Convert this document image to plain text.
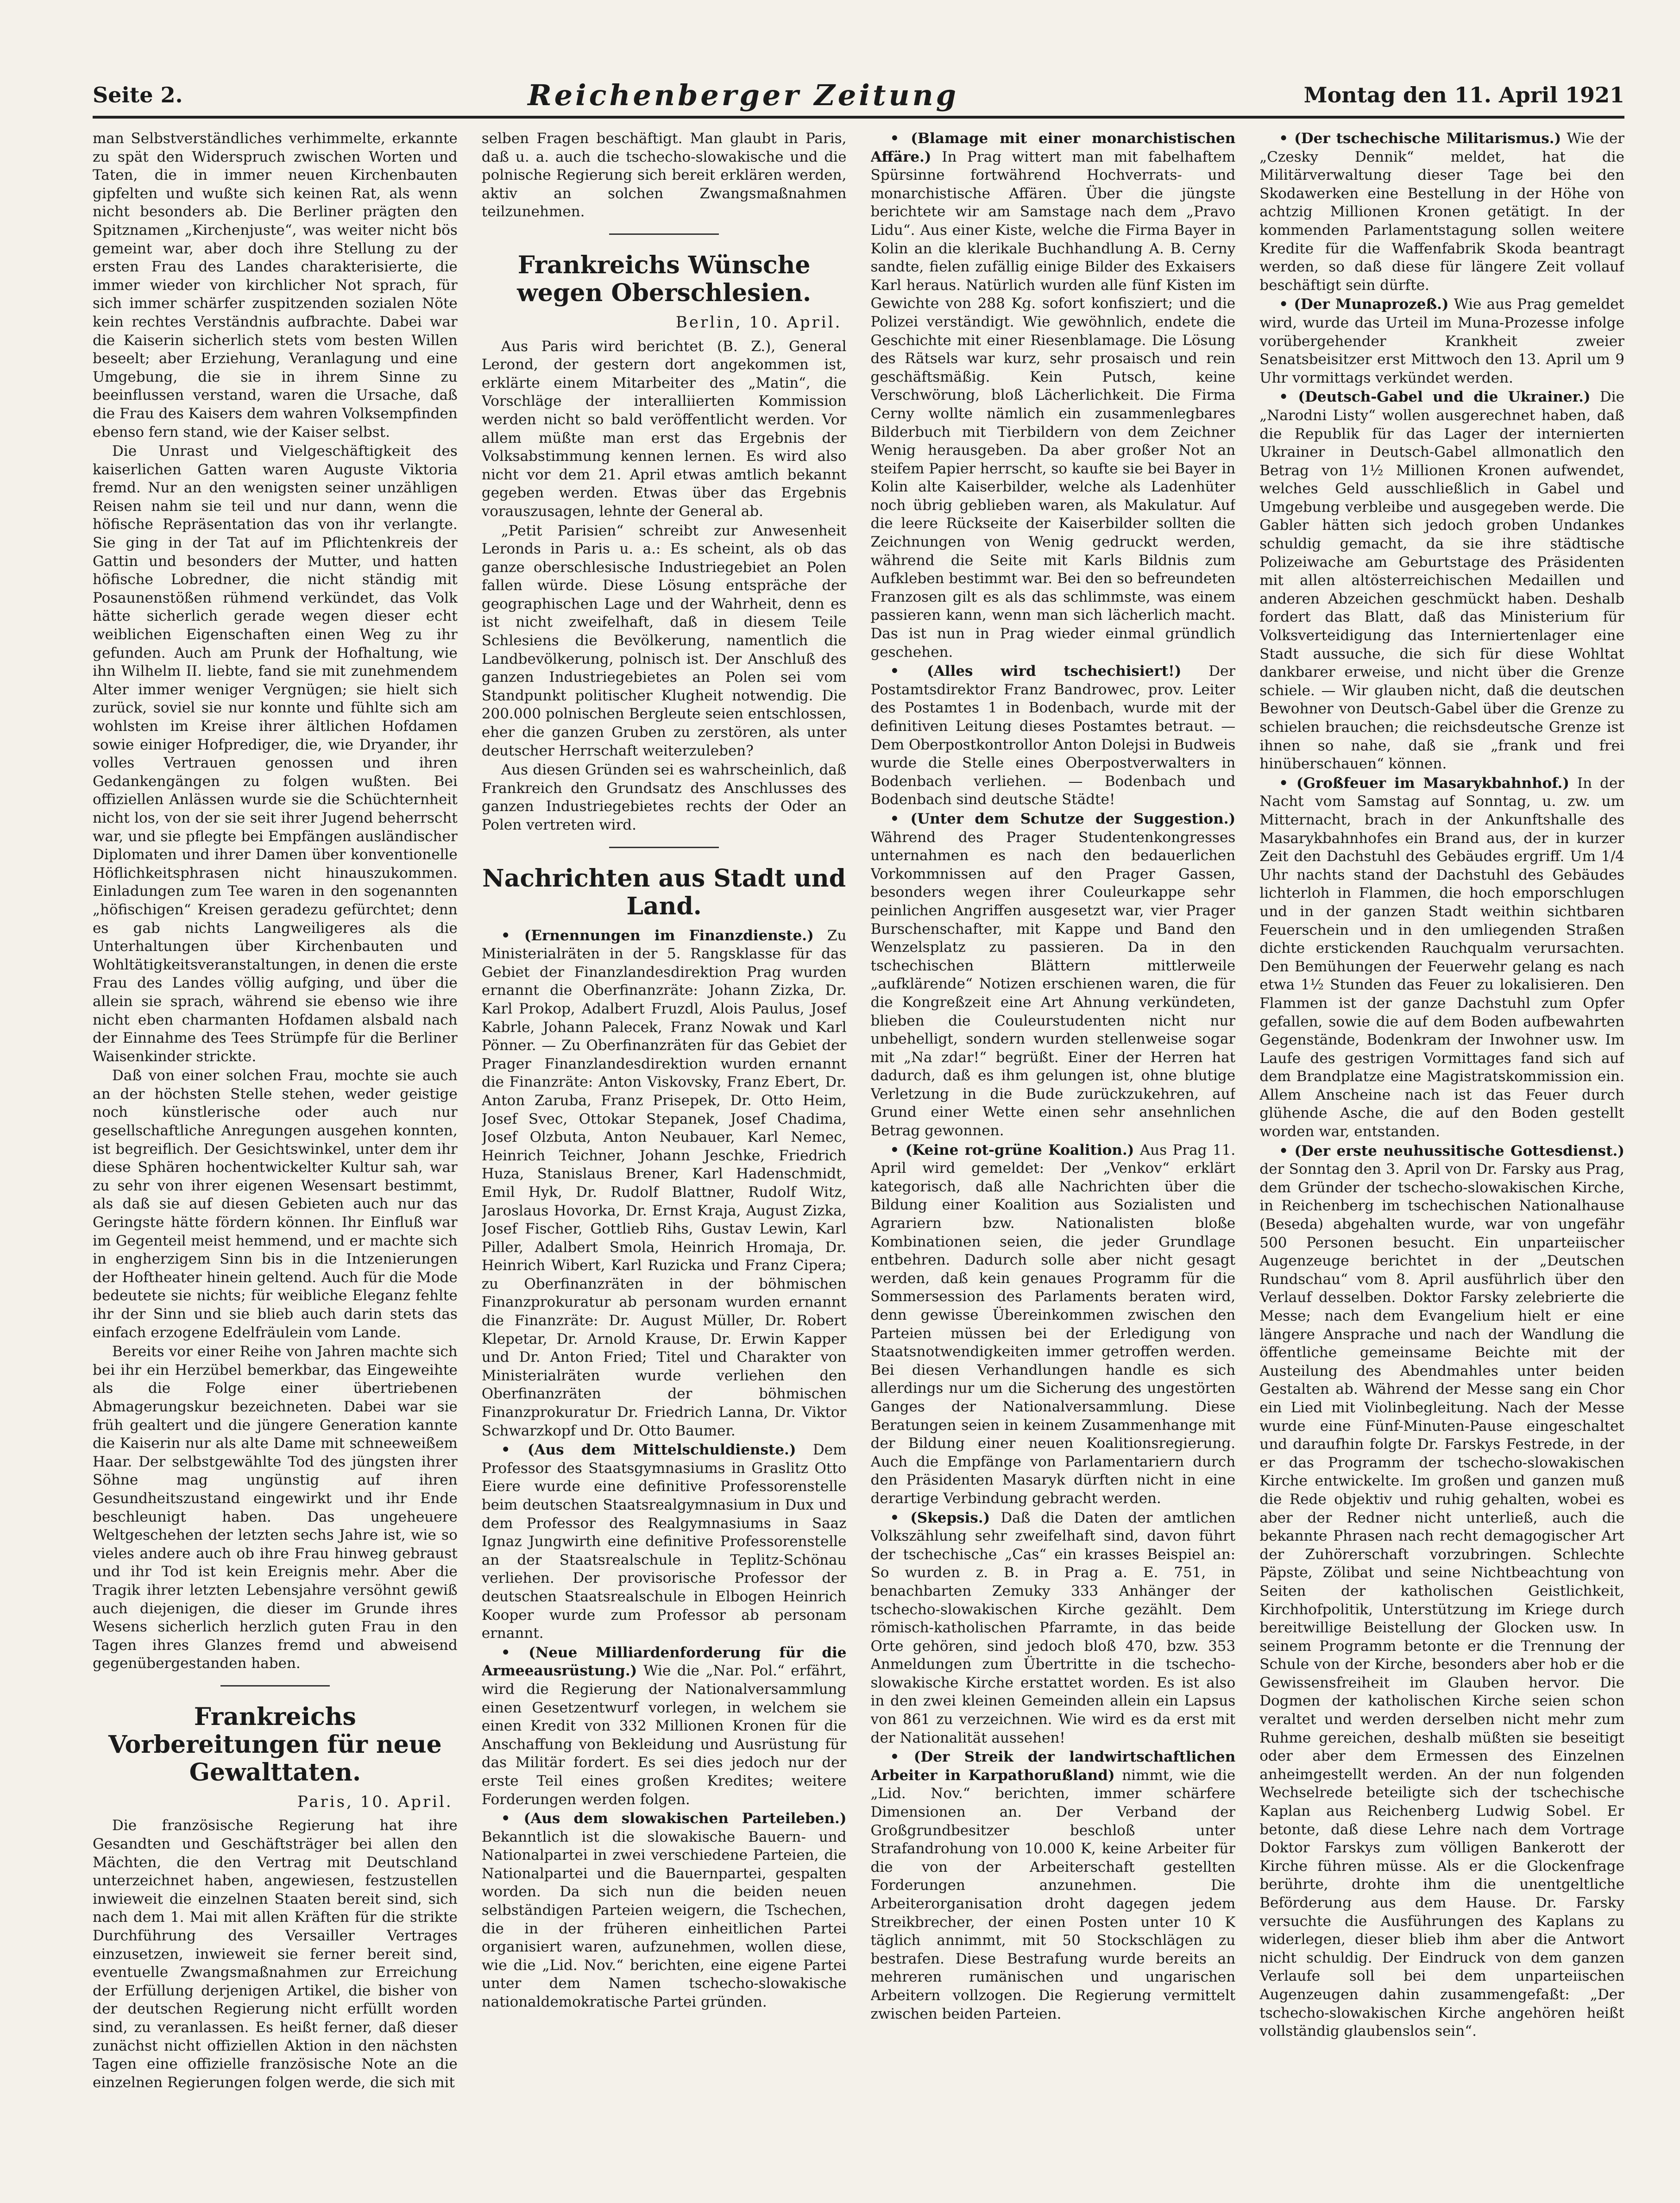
Seite 2.	Reichenberger Zeitung	Montag den 11. April 1921

man Selbstverständliches verhimmelte, erkannte zu spät den Widerspruch zwischen Worten und Taten, die in immer neuen Kirchenbauten gipfelten und wußte sich keinen Rat, als wenn nicht besonders ab. Die Berliner prägten den Spitznamen „Kirchenjuste“, was weiter nicht bös gemeint war, aber doch ihre Stellung zu der ersten Frau des Landes charakterisierte, die immer wieder von kirchlicher Not sprach, für sich immer schärfer zuspitzenden sozialen Nöte kein rechtes Verständnis aufbrachte. Dabei war die Kaiserin sicherlich stets vom besten Willen beseelt; aber Erziehung, Veranlagung und eine Umgebung, die sie in ihrem Sinne zu beeinflussen verstand, waren die Ursache, daß die Frau des Kaisers dem wahren Volksempfinden ebenso fern stand, wie der Kaiser selbst.

Die Unrast und Vielgeschäftigkeit des kaiserlichen Gatten waren Auguste Viktoria fremd. Nur an den wenigsten seiner unzähligen Reisen nahm sie teil und nur dann, wenn die höfische Repräsentation das von ihr verlangte. Sie ging in der Tat auf im Pflichtenkreis der Gattin und besonders der Mutter, und hatten höfische Lobredner, die nicht ständig mit Posaunenstößen rühmend verkündet, das Volk hätte sicherlich gerade wegen dieser echt weiblichen Eigenschaften einen Weg zu ihr gefunden. Auch am Prunk der Hofhaltung, wie ihn Wilhelm II. liebte, fand sie mit zunehmendem Alter immer weniger Vergnügen; sie hielt sich zurück, soviel sie nur konnte und fühlte sich am wohlsten im Kreise ihrer ältlichen Hofdamen sowie einiger Hofprediger, die, wie Dryander, ihr volles Vertrauen genossen und ihren Gedankengängen zu folgen wußten. Bei offiziellen Anlässen wurde sie die Schüchternheit nicht los, von der sie seit ihrer Jugend beherrscht war, und sie pflegte bei Empfängen ausländischer Diplomaten und ihrer Damen über konventionelle Höflichkeitsphrasen nicht hinauszukommen. Einladungen zum Tee waren in den sogenannten „höfischigen“ Kreisen geradezu gefürchtet; denn es gab nichts Langweiligeres als die Unterhaltungen über Kirchenbauten und Wohltätigkeitsveranstaltungen, in denen die erste Frau des Landes völlig aufging, und über die allein sie sprach, während sie ebenso wie ihre nicht eben charmanten Hofdamen alsbald nach der Einnahme des Tees Strümpfe für die Berliner Waisenkinder strickte.

Daß von einer solchen Frau, mochte sie auch an der höchsten Stelle stehen, weder geistige noch künstlerische oder auch nur gesellschaftliche Anregungen ausgehen konnten, ist begreiflich. Der Gesichtswinkel, unter dem ihr diese Sphären hochentwickelter Kultur sah, war zu sehr von ihrer eigenen Wesensart bestimmt, als daß sie auf diesen Gebieten auch nur das Geringste hätte fördern können. Ihr Einfluß war im Gegenteil meist hemmend, und er machte sich in engherzigem Sinn bis in die Intzenierungen der Hoftheater hinein geltend. Auch für die Mode bedeutete sie nichts; für weibliche Eleganz fehlte ihr der Sinn und sie blieb auch darin stets das einfach erzogene Edelfräulein vom Lande.

Bereits vor einer Reihe von Jahren machte sich bei ihr ein Herzübel bemerkbar, das Eingeweihte als die Folge einer übertriebenen Abmagerungskur bezeichneten. Dabei war sie früh gealtert und die jüngere Generation kannte die Kaiserin nur als alte Dame mit schneeweißem Haar. Der selbstgewählte Tod des jüngsten ihrer Söhne mag ungünstig auf ihren Gesundheitszustand eingewirkt und ihr Ende beschleunigt haben. Das ungeheuere Weltgeschehen der letzten sechs Jahre ist, wie so vieles andere auch ob ihre Frau hinweg gebraust und ihr Tod ist kein Ereignis mehr. Aber die Tragik ihrer letzten Lebensjahre versöhnt gewiß auch diejenigen, die dieser im Grunde ihres Wesens sicherlich herzlich guten Frau in den Tagen ihres Glanzes fremd und abweisend gegenübergestanden haben.

Frankreichs Vorbereitungen für neue Gewalttaten.
Paris, 10. April.

Die französische Regierung hat ihre Gesandten und Geschäftsträger bei allen den Mächten, die den Vertrag mit Deutschland unterzeichnet haben, angewiesen, festzustellen inwieweit die einzelnen Staaten bereit sind, sich nach dem 1. Mai mit allen Kräften für die strikte Durchführung des Versailler Vertrages einzusetzen, inwieweit sie ferner bereit sind, eventuelle Zwangsmaßnahmen zur Erreichung der Erfüllung derjenigen Artikel, die bisher von der deutschen Regierung nicht erfüllt worden sind, zu veranlassen. Es heißt ferner, daß dieser zunächst nicht offiziellen Aktion in den nächsten Tagen eine offizielle französische Note an die einzelnen Regierungen folgen werde, die sich mit

selben Fragen beschäftigt. Man glaubt in Paris, daß u. a. auch die tschecho-slowakische und die polnische Regierung sich bereit erklären werden, aktiv an solchen Zwangsmaßnahmen teilzunehmen.

Frankreichs Wünsche wegen Oberschlesien.
Berlin, 10. April.

Aus Paris wird berichtet (B. Z.), General Lerond, der gestern dort angekommen ist, erklärte einem Mitarbeiter des „Matin“, die Vorschläge der interalliierten Kommission werden nicht so bald veröffentlicht werden. Vor allem müßte man erst das Ergebnis der Volksabstimmung kennen lernen. Es wird also nicht vor dem 21. April etwas amtlich bekannt gegeben werden. Etwas über das Ergebnis vorauszusagen, lehnte der General ab.

„Petit Parisien“ schreibt zur Anwesenheit Leronds in Paris u. a.: Es scheint, als ob das ganze oberschlesische Industriegebiet an Polen fallen würde. Diese Lösung entspräche der geographischen Lage und der Wahrheit, denn es ist nicht zweifelhaft, daß in diesem Teile Schlesiens die Bevölkerung, namentlich die Landbevölkerung, polnisch ist. Der Anschluß des ganzen Industriegebietes an Polen sei vom Standpunkt politischer Klugheit notwendig. Die 200.000 polnischen Bergleute seien entschlossen, eher die ganzen Gruben zu zerstören, als unter deutscher Herrschaft weiterzuleben?

Aus diesen Gründen sei es wahrscheinlich, daß Frankreich den Grundsatz des Anschlusses des ganzen Industriegebietes rechts der Oder an Polen vertreten wird.

Nachrichten aus Stadt und Land.

• (Ernennungen im Finanzdienste.) Zu Ministerialräten in der 5. Rangsklasse für das Gebiet der Finanzlandesdirektion Prag wurden ernannt die Oberfinanzräte: Johann Zizka, Dr. Karl Prokop, Adalbert Fruzdl, Alois Paulus, Josef Kabrle, Johann Palecek, Franz Nowak und Karl Pönner. — Zu Oberfinanzräten für das Gebiet der Prager Finanzlandesdirektion wurden ernannt die Finanzräte: Anton Viskovsky, Franz Ebert, Dr. Anton Zaruba, Franz Prisepek, Dr. Otto Heim, Josef Svec, Ottokar Stepanek, Josef Chadima, Josef Olzbuta, Anton Neubauer, Karl Nemec, Heinrich Teichner, Johann Jeschke, Friedrich Huza, Stanislaus Brener, Karl Hadenschmidt, Emil Hyk, Dr. Rudolf Blattner, Rudolf Witz, Jaroslaus Hovorka, Dr. Ernst Kraja, August Zizka, Josef Fischer, Gottlieb Rihs, Gustav Lewin, Karl Piller, Adalbert Smola, Heinrich Hromaja, Dr. Heinrich Wibert, Karl Ruzicka und Franz Cipera; zu Oberfinanzräten in der böhmischen Finanzprokuratur ab personam wurden ernannt die Finanzräte: Dr. August Müller, Dr. Robert Klepetar, Dr. Arnold Krause, Dr. Erwin Kapper und Dr. Anton Fried; Titel und Charakter von Ministerialräten wurde verliehen den Oberfinanzräten der böhmischen Finanzprokuratur Dr. Friedrich Lanna, Dr. Viktor Schwarzkopf und Dr. Otto Baumer.

• (Aus dem Mittelschuldienste.) Dem Professor des Staatsgymnasiums in Graslitz Otto Eiere wurde eine definitive Professorenstelle beim deutschen Staatsrealgymnasium in Dux und dem Professor des Realgymnasiums in Saaz Ignaz Jungwirth eine definitive Professorenstelle an der Staatsrealschule in Teplitz-Schönau verliehen. Der provisorische Professor der deutschen Staatsrealschule in Elbogen Heinrich Kooper wurde zum Professor ab personam ernannt.

• (Neue Milliardenforderung für die Armeeausrüstung.) Wie die „Nar. Pol.“ erfährt, wird die Regierung der Nationalversammlung einen Gesetzentwurf vorlegen, in welchem sie einen Kredit von 332 Millionen Kronen für die Anschaffung von Bekleidung und Ausrüstung für das Militär fordert. Es sei dies jedoch nur der erste Teil eines großen Kredites; weitere Forderungen werden folgen.

• (Aus dem slowakischen Parteileben.) Bekanntlich ist die slowakische Bauern- und Nationalpartei in zwei verschiedene Parteien, die Nationalpartei und die Bauernpartei, gespalten worden. Da sich nun die beiden neuen selbständigen Parteien weigern, die Tschechen, die in der früheren einheitlichen Partei organisiert waren, aufzunehmen, wollen diese, wie die „Lid. Nov.“ berichten, eine eigene Partei unter dem Namen tschecho-slowakische nationaldemokratische Partei gründen.

• (Blamage mit einer monarchistischen Affäre.) In Prag wittert man mit fabelhaftem Spürsinne fortwährend Hochverrats- und monarchistische Affären. Über die jüngste berichtete wir am Samstage nach dem „Pravo Lidu“. Aus einer Kiste, welche die Firma Bayer in Kolin an die klerikale Buchhandlung A. B. Cerny sandte, fielen zufällig einige Bilder des Exkaisers Karl heraus. Natürlich wurden alle fünf Kisten im Gewichte von 288 Kg. sofort konfisziert; und die Polizei verständigt. Wie gewöhnlich, endete die Geschichte mit einer Riesenblamage. Die Lösung des Rätsels war kurz, sehr prosaisch und rein geschäftsmäßig. Kein Putsch, keine Verschwörung, bloß Lächerlichkeit. Die Firma Cerny wollte nämlich ein zusammenlegbares Bilderbuch mit Tierbildern von dem Zeichner Wenig herausgeben. Da aber großer Not an steifem Papier herrscht, so kaufte sie bei Bayer in Kolin alte Kaiserbilder, welche als Ladenhüter noch übrig geblieben waren, als Makulatur. Auf die leere Rückseite der Kaiserbilder sollten die Zeichnungen von Wenig gedruckt werden, während die Seite mit Karls Bildnis zum Aufkleben bestimmt war. Bei den so befreundeten Franzosen gilt es als das schlimmste, was einem passieren kann, wenn man sich lächerlich macht. Das ist nun in Prag wieder einmal gründlich geschehen.

• (Alles wird tschechisiert!) Der Postamtsdirektor Franz Bandrowec, prov. Leiter des Postamtes 1 in Bodenbach, wurde mit der definitiven Leitung dieses Postamtes betraut. — Dem Oberpostkontrollor Anton Dolejsi in Budweis wurde die Stelle eines Oberpostverwalters in Bodenbach verliehen. — Bodenbach und Bodenbach sind deutsche Städte!

• (Unter dem Schutze der Suggestion.) Während des Prager Studentenkongresses unternahmen es nach den bedauerlichen Vorkommnissen auf den Prager Gassen, besonders wegen ihrer Couleurkappe sehr peinlichen Angriffen ausgesetzt war, vier Prager Burschenschafter, mit Kappe und Band den Wenzelsplatz zu passieren. Da in den tschechischen Blättern mittlerweile „aufklärende“ Notizen erschienen waren, die für die Kongreßzeit eine Art Ahnung verkündeten, blieben die Couleurstudenten nicht nur unbehelligt, sondern wurden stellenweise sogar mit „Na zdar!“ begrüßt. Einer der Herren hat dadurch, daß es ihm gelungen ist, ohne blutige Verletzung in die Bude zurückzukehren, auf Grund einer Wette einen sehr ansehnlichen Betrag gewonnen.

• (Keine rot-grüne Koalition.) Aus Prag 11. April wird gemeldet: Der „Venkov“ erklärt kategorisch, daß alle Nachrichten über die Bildung einer Koalition aus Sozialisten und Agrariern bzw. Nationalisten bloße Kombinationen seien, die jeder Grundlage entbehren. Dadurch solle aber nicht gesagt werden, daß kein genaues Programm für die Sommersession des Parlaments beraten wird, denn gewisse Übereinkommen zwischen den Parteien müssen bei der Erledigung von Staatsnotwendigkeiten immer getroffen werden. Bei diesen Verhandlungen handle es sich allerdings nur um die Sicherung des ungestörten Ganges der Nationalversammlung. Diese Beratungen seien in keinem Zusammenhange mit der Bildung einer neuen Koalitionsregierung. Auch die Empfänge von Parlamentariern durch den Präsidenten Masaryk dürften nicht in eine derartige Verbindung gebracht werden.

• (Skepsis.) Daß die Daten der amtlichen Volkszählung sehr zweifelhaft sind, davon führt der tschechische „Cas“ ein krasses Beispiel an: So wurden z. B. in Prag a. E. 751, in benachbarten Zemuky 333 Anhänger der tschecho-slowakischen Kirche gezählt. Dem römisch-katholischen Pfarramte, in das beide Orte gehören, sind jedoch bloß 470, bzw. 353 Anmeldungen zum Übertritte in die tschecho-slowakische Kirche erstattet worden. Es ist also in den zwei kleinen Gemeinden allein ein Lapsus von 861 zu verzeichnen. Wie wird es da erst mit der Nationalität aussehen!

• (Der Streik der landwirtschaftlichen Arbeiter in Karpathorußland) nimmt, wie die „Lid. Nov.“ berichten, immer schärfere Dimensionen an. Der Verband der Großgrundbesitzer beschloß unter Strafandrohung von 10.000 K, keine Arbeiter für die von der Arbeiterschaft gestellten Forderungen anzunehmen. Die Arbeiterorganisation droht dagegen jedem Streikbrecher, der einen Posten unter 10 K täglich annimmt, mit 50 Stockschlägen zu bestrafen. Diese Bestrafung wurde bereits an mehreren rumänischen und ungarischen Arbeitern vollzogen. Die Regierung vermittelt zwischen beiden Parteien.

• (Der tschechische Militarismus.) Wie der „Czesky Dennik“ meldet, hat die Militärverwaltung dieser Tage bei den Skodawerken eine Bestellung in der Höhe von achtzig Millionen Kronen getätigt. In der kommenden Parlamentstagung sollen weitere Kredite für die Waffenfabrik Skoda beantragt werden, so daß diese für längere Zeit vollauf beschäftigt sein dürfte.

• (Der Munaprozeß.) Wie aus Prag gemeldet wird, wurde das Urteil im Muna-Prozesse infolge vorübergehender Krankheit zweier Senatsbeisitzer erst Mittwoch den 13. April um 9 Uhr vormittags verkündet werden.

• (Deutsch-Gabel und die Ukrainer.) Die „Narodni Listy“ wollen ausgerechnet haben, daß die Republik für das Lager der internierten Ukrainer in Deutsch-Gabel allmonatlich den Betrag von 1½ Millionen Kronen aufwendet, welches Geld ausschließlich in Gabel und Umgebung verbleibe und ausgegeben werde. Die Gabler hätten sich jedoch groben Undankes schuldig gemacht, da sie ihre städtische Polizeiwache am Geburtstage des Präsidenten mit allen altösterreichischen Medaillen und anderen Abzeichen geschmückt haben. Deshalb fordert das Blatt, daß das Ministerium für Volksverteidigung das Interniertenlager eine Stadt aussuche, die sich für diese Wohltat dankbarer erweise, und nicht über die Grenze schiele. — Wir glauben nicht, daß die deutschen Bewohner von Deutsch-Gabel über die Grenze zu schielen brauchen; die reichsdeutsche Grenze ist ihnen so nahe, daß sie „frank und frei hinüberschauen“ können.

• (Großfeuer im Masarykbahnhof.) In der Nacht vom Samstag auf Sonntag, u. zw. um Mitternacht, brach in der Ankunftshalle des Masarykbahnhofes ein Brand aus, der in kurzer Zeit den Dachstuhl des Gebäudes ergriff. Um 1/4 Uhr nachts stand der Dachstuhl des Gebäudes lichterloh in Flammen, die hoch emporschlugen und in der ganzen Stadt weithin sichtbaren Feuerschein und in den umliegenden Straßen dichte erstickenden Rauchqualm verursachten. Den Bemühungen der Feuerwehr gelang es nach etwa 1½ Stunden das Feuer zu lokalisieren. Den Flammen ist der ganze Dachstuhl zum Opfer gefallen, sowie die auf dem Boden aufbewahrten Gegenstände, Bodenkram der Inwohner usw. Im Laufe des gestrigen Vormittages fand sich auf dem Brandplatze eine Magistratskommission ein. Allem Anscheine nach ist das Feuer durch glühende Asche, die auf den Boden gestellt worden war, entstanden.

• (Der erste neuhussitische Gottesdienst.) der Sonntag den 3. April von Dr. Farsky aus Prag, dem Gründer der tschecho-slowakischen Kirche, in Reichenberg im tschechischen Nationalhause (Beseda) abgehalten wurde, war von ungefähr 500 Personen besucht. Ein unparteiischer Augenzeuge berichtet in der „Deutschen Rundschau“ vom 8. April ausführlich über den Verlauf desselben. Doktor Farsky zelebrierte die Messe; nach dem Evangelium hielt er eine längere Ansprache und nach der Wandlung die öffentliche gemeinsame Beichte mit der Austeilung des Abendmahles unter beiden Gestalten ab. Während der Messe sang ein Chor ein Lied mit Violinbegleitung. Nach der Messe wurde eine Fünf-Minuten-Pause eingeschaltet und daraufhin folgte Dr. Farskys Festrede, in der er das Programm der tschecho-slowakischen Kirche entwickelte. Im großen und ganzen muß die Rede objektiv und ruhig gehalten, wobei es aber der Redner nicht unterließ, auch die bekannte Phrasen nach recht demagogischer Art der Zuhörerschaft vorzubringen. Schlechte Päpste, Zölibat und seine Nichtbeachtung von Seiten der katholischen Geistlichkeit, Kirchhofpolitik, Unterstützung im Kriege durch bereitwillige Beistellung der Glocken usw. In seinem Programm betonte er die Trennung der Schule von der Kirche, besonders aber hob er die Gewissensfreiheit im Glauben hervor. Die Dogmen der katholischen Kirche seien schon veraltet und werden derselben nicht mehr zum Ruhme gereichen, deshalb müßten sie beseitigt oder aber dem Ermessen des Einzelnen anheimgestellt werden. An der nun folgenden Wechselrede beteiligte sich der tschechische Kaplan aus Reichenberg Ludwig Sobel. Er betonte, daß diese Lehre nach dem Vortrage Doktor Farskys zum völligen Bankerott der Kirche führen müsse. Als er die Glockenfrage berührte, drohte ihm die unentgeltliche Beförderung aus dem Hause. Dr. Farsky versuchte die Ausführungen des Kaplans zu widerlegen, dieser blieb ihm aber die Antwort nicht schuldig. Der Eindruck von dem ganzen Verlaufe soll bei dem unparteiischen Augenzeugen dahin zusammengefaßt: „Der tschecho-slowakischen Kirche angehören heißt vollständig glaubenslos sein“.
